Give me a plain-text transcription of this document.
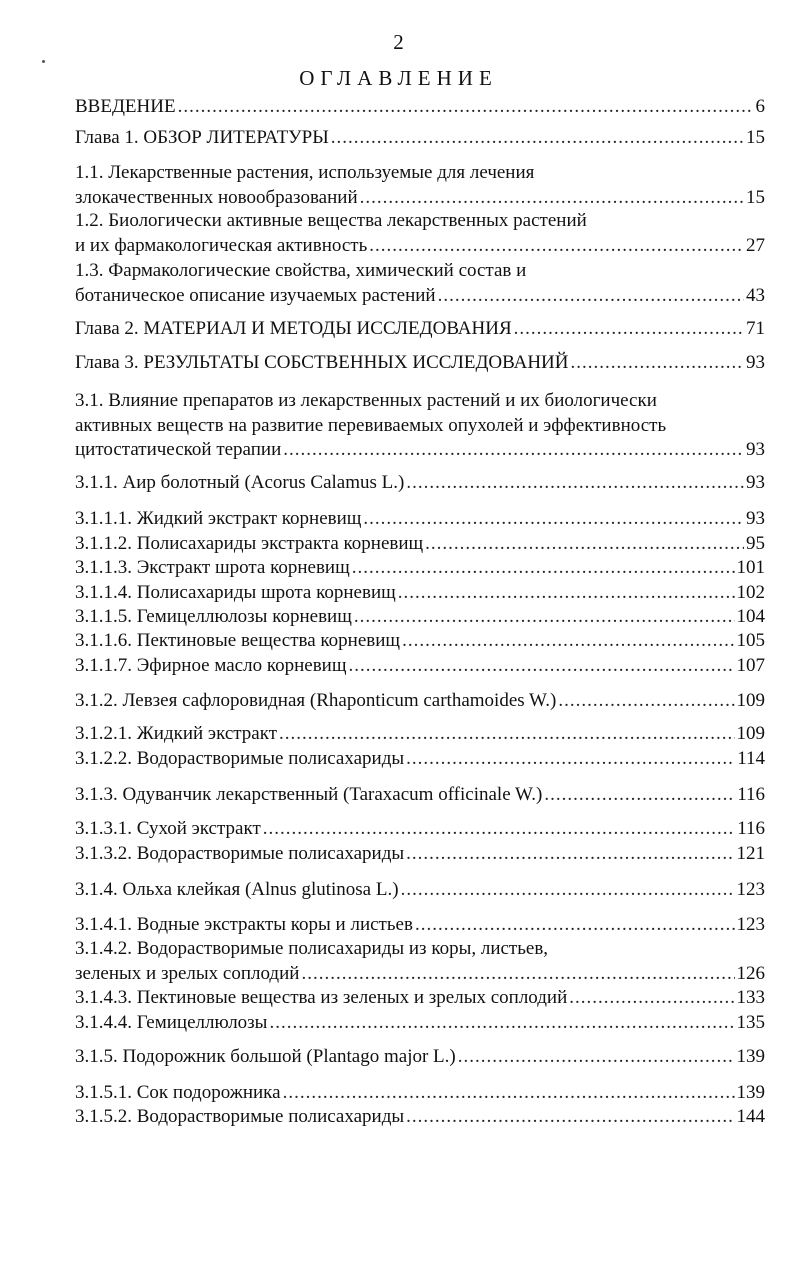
2
ОГЛАВЛЕНИЕ
ВВЕДЕНИЕ .....	6
Глава 1. ОБЗОР ЛИТЕРАТУРЫ .....	15
1.1. Лекарственные растения, используемые для лечения
злокачественных новообразований .....	15
1.2. Биологически активные вещества лекарственных растений
и их фармакологическая активность .....	27
1.3. Фармакологические свойства, химический состав и
ботаническое описание изучаемых растений .....	43
Глава 2. МАТЕРИАЛ И МЕТОДЫ ИССЛЕДОВАНИЯ .....	71
Глава 3. РЕЗУЛЬТАТЫ СОБСТВЕННЫХ ИССЛЕДОВАНИЙ .....	93
3.1. Влияние препаратов из лекарственных растений и их биологически
активных веществ на развитие перевиваемых опухолей и эффективность
цитостатической терапии .....	93
3.1.1. Аир болотный (Acorus Calamus L.) .....	93
3.1.1.1. Жидкий экстракт корневищ .....	93
3.1.1.2. Полисахариды экстракта корневищ .....	95
3.1.1.3. Экстракт шрота корневищ .....	101
3.1.1.4. Полисахариды шрота корневищ .....	102
3.1.1.5. Гемицеллюлозы корневищ .....	104
3.1.1.6. Пектиновые вещества корневищ .....	105
3.1.1.7. Эфирное масло корневищ .....	107
3.1.2. Левзея сафлоровидная (Rhaponticum carthamoides W.) .....	109
3.1.2.1. Жидкий экстракт .....	109
3.1.2.2. Водорастворимые полисахариды .....	114
3.1.3. Одуванчик лекарственный (Taraxacum officinale W.) .....	116
3.1.3.1. Сухой экстракт .....	116
3.1.3.2. Водорастворимые полисахариды .....	121
3.1.4. Ольха клейкая (Alnus glutinosa L.) .....	123
3.1.4.1. Водные экстракты коры и листьев .....	123
3.1.4.2. Водорастворимые полисахариды из коры, листьев,
зеленых и зрелых соплодий .....	126
3.1.4.3. Пектиновые вещества из зеленых и зрелых соплодий .....	133
3.1.4.4. Гемицеллюлозы .....	135
3.1.5. Подорожник большой (Plantago major L.) .....	139
3.1.5.1. Сок подорожника .....	139
3.1.5.2. Водорастворимые полисахариды .....	144
